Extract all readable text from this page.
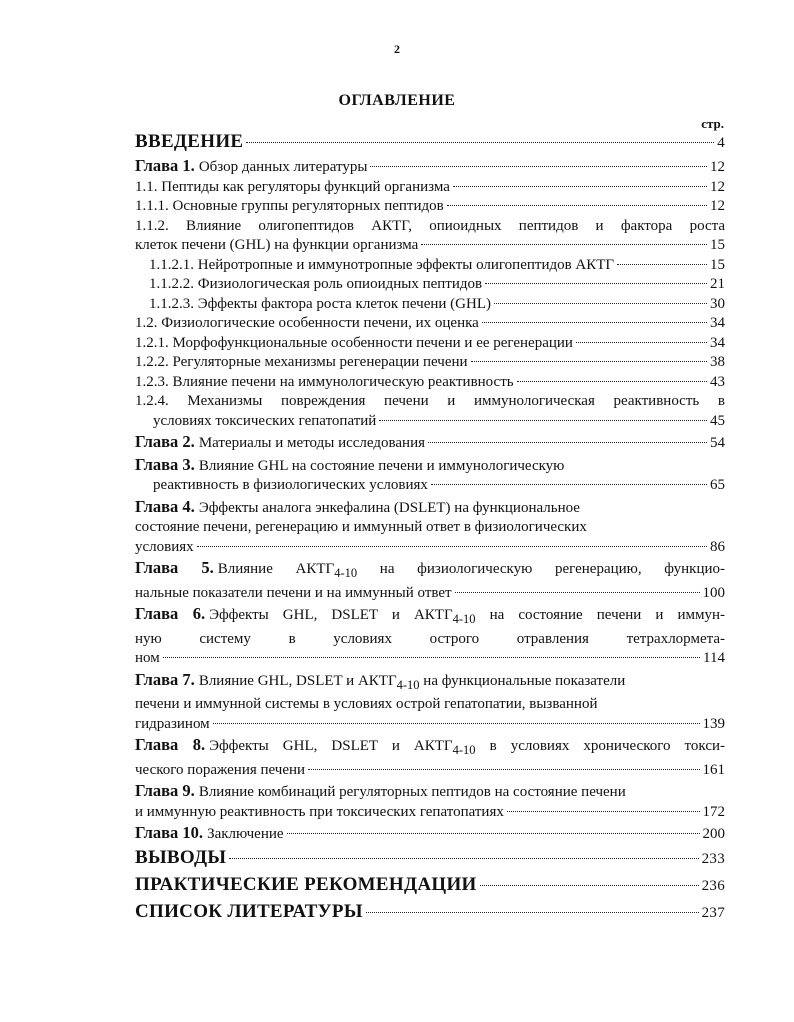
2
ОГЛАВЛЕНИЕ
стр.
ВВЕДЕНИЕ	4
Глава 1. Обзор данных литературы	12
1.1. Пептиды как регуляторы функций организма	12
1.1.1. Основные группы регуляторных пептидов	12
1.1.2. Влияние олигопептидов АКТГ, опиоидных пептидов и фактора роста
клеток печени (GHL) на функции организма	15
1.1.2.1. Нейротропные и иммунотропные эффекты олигопептидов АКТГ	15
1.1.2.2. Физиологическая роль опиоидных пептидов	21
1.1.2.3. Эффекты фактора роста клеток печени (GHL)	30
1.2. Физиологические особенности печени, их оценка	34
1.2.1. Морфофункциональные особенности печени и ее регенерации	34
1.2.2. Регуляторные механизмы регенерации печени	38
1.2.3. Влияние печени на иммунологическую реактивность	43
1.2.4. Механизмы повреждения печени и иммунологическая реактивность в
условиях токсических гепатопатий	45
Глава 2. Материалы и методы исследования	54
Глава 3. Влияние GHL на состояние печени и иммунологическую
реактивность в физиологических условиях	65
Глава 4. Эффекты аналога энкефалина (DSLET) на функциональное
состояние печени, регенерацию и иммунный ответ в физиологических
условиях	86
Глава 5. Влияние $АКТГ_{4-10}$ на физиологическую регенерацию, функцио-
нальные показатели печени и на иммунный ответ	100
Глава 6. Эффекты GHL, DSLET и $АКТГ_{4-10}$ на состояние печени и иммун-
ную систему в условиях острого отравления тетрахлормета-
ном	114
Глава 7. Влияние GHL, DSLET и $АКТГ_{4-10}$ на функциональные показатели
печени и иммунной системы в условиях острой гепатопатии, вызванной
гидразином	139
Глава 8. Эффекты GHL, DSLET и $АКТГ_{4-10}$ в условиях хронического токси-
ческого поражения печени	161
Глава 9. Влияние комбинаций регуляторных пептидов на состояние печени
и иммунную реактивность при токсических гепатопатиях	172
Глава 10. Заключение	200
ВЫВОДЫ	233
ПРАКТИЧЕСКИЕ РЕКОМЕНДАЦИИ	236
СПИСОК ЛИТЕРАТУРЫ	237
